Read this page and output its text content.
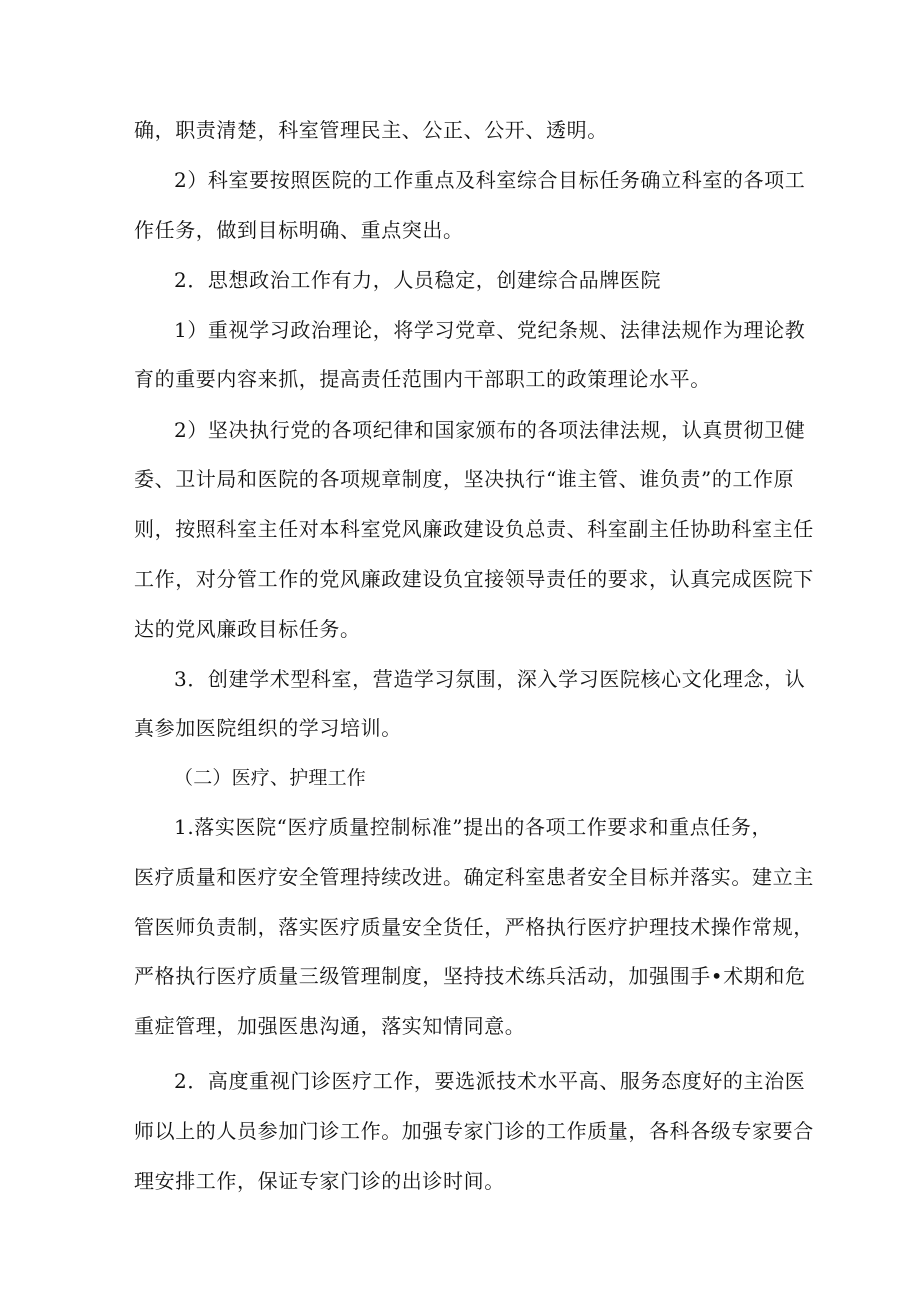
确，职责清楚，科室管理民主、公正、公开、透明。
2）科室要按照医院的工作重点及科室综合目标任务确立科室的各项工
作任务，做到目标明确、重点突出。
2．思想政治工作有力，人员稳定，创建综合品牌医院
1）重视学习政治理论，将学习党章、党纪条规、法律法规作为理论教
育的重要内容来抓，提高责任范围内干部职工的政策理论水平。
2）坚决执行党的各项纪律和国家颁布的各项法律法规，认真贯彻卫健
委、卫计局和医院的各项规章制度，坚决执行“谁主管、谁负责”的工作原
则，按照科室主任对本科室党风廉政建设负总责、科室副主任协助科室主任
工作，对分管工作的党风廉政建设负宜接领导责任的要求，认真完成医院下
达的党风廉政目标任务。
3．创建学术型科室，营造学习氛围，深入学习医院核心文化理念，认
真参加医院组织的学习培训。
（二）医疗、护理工作
1.落实医院“医疗质量控制标准”提出的各项工作要求和重点任务，
医疗质量和医疗安全管理持续改进。确定科室患者安全目标并落实。建立主
管医师负责制，落实医疗质量安全货任，严格执行医疗护理技术操作常规，
严格执行医疗质量三级管理制度，坚持技术练兵活动，加强围手•术期和危
重症管理，加强医患沟通，落实知情同意。
2．高度重视门诊医疗工作，要选派技术水平高、服务态度好的主治医
师以上的人员参加门诊工作。加强专家门诊的工作质量，各科各级专家要合
理安排工作，保证专家门诊的出诊时间。
